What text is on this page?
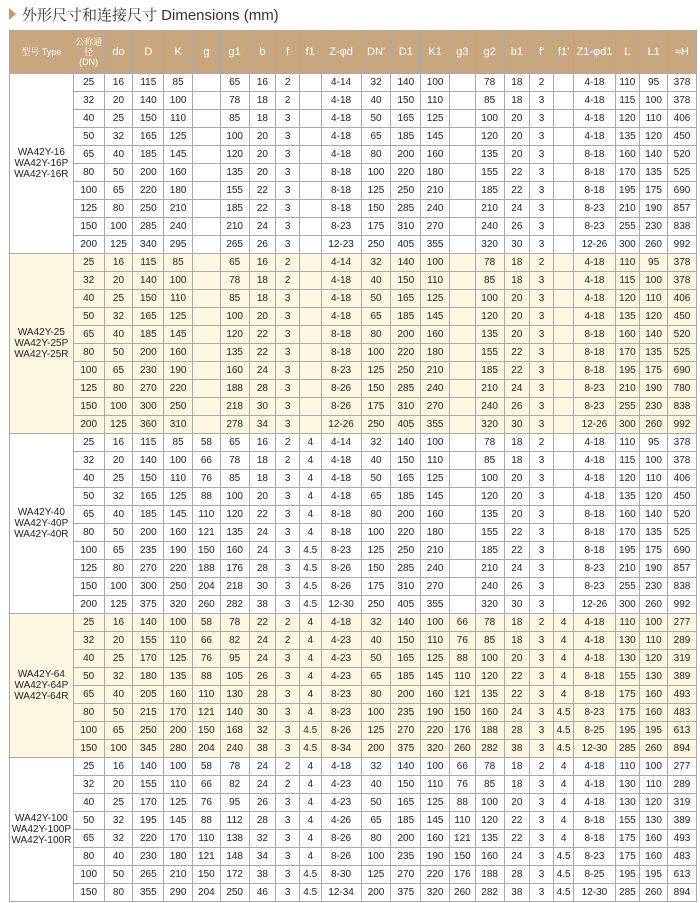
外形尺寸和连接尺寸 Dimensions (mm)
型号 Type	公称通径 (DN)	do	D	K	g	g1	b	f	f1	Z-φd	DN'	D1	K1	g3	g2	b1	f'	f1'	Z1-φd1	L	L1	≈H

WA42Y-16
WA42Y-16P
WA42Y-16R	25	16	115	85		65	16	2		4-14	32	140	100		78	18	2		4-18	110	95	378
	32	20	140	100		78	18	2		4-18	40	150	110		85	18	3		4-18	115	100	378
	40	25	150	110		85	18	3		4-18	50	165	125		100	20	3		4-18	120	110	406
	50	32	165	125		100	20	3		4-18	65	185	145		120	20	3		4-18	135	120	450
	65	40	185	145		120	20	3		4-18	80	200	160		135	20	3		8-18	160	140	520
	80	50	200	160		135	20	3		8-18	100	220	180		155	22	3		8-18	170	135	525
	100	65	220	180		155	22	3		8-18	125	250	210		185	22	3		8-18	195	175	690
	125	80	250	210		185	22	3		8-18	150	285	240		210	24	3		8-23	210	190	857
	150	100	285	240		210	24	3		8-23	175	310	270		240	26	3		8-23	255	230	838
	200	125	340	295		265	26	3		12-23	250	405	355		320	30	3		12-26	300	260	992

WA42Y-25
WA42Y-25P
WA42Y-25R	25	16	115	85		65	16	2		4-14	32	140	100		78	18	2		4-18	110	95	378
	32	20	140	100		78	18	2		4-18	40	150	110		85	18	3		4-18	115	100	378
	40	25	150	110		85	18	3		4-18	50	165	125		100	20	3		4-18	120	110	406
	50	32	165	125		100	20	3		4-18	65	185	145		120	20	3		4-18	135	120	450
	65	40	185	145		120	22	3		8-18	80	200	160		135	20	3		8-18	160	140	520
	80	50	200	160		135	22	3		8-18	100	220	180		155	22	3		8-18	170	135	525
	100	65	230	190		160	24	3		8-23	125	250	210		185	22	3		8-18	195	175	690
	125	80	270	220		188	28	3		8-26	150	285	240		210	24	3		8-23	210	190	780
	150	100	300	250		218	30	3		8-26	175	310	270		240	26	3		8-23	255	230	838
	200	125	360	310		278	34	3		12-26	250	405	355		320	30	3		12-26	300	260	992

WA42Y-40
WA42Y-40P
WA42Y-40R	25	16	115	85	58	65	16	2	4	4-14	32	140	100		78	18	2		4-18	110	95	378
	32	20	140	100	66	78	18	2	4	4-18	40	150	110		85	18	3		4-18	115	100	378
	40	25	150	110	76	85	18	3	4	4-18	50	165	125		100	20	3		4-18	120	110	406
	50	32	165	125	88	100	20	3	4	4-18	65	185	145		120	20	3		4-18	135	120	450
	65	40	185	145	110	120	22	3	4	8-18	80	200	160		135	20	3		8-18	160	140	520
	80	50	200	160	121	135	24	3	4	8-18	100	220	180		155	22	3		8-18	170	135	525
	100	65	235	190	150	160	24	3	4.5	8-23	125	250	210		185	22	3		8-18	195	175	690
	125	80	270	220	188	176	28	3	4.5	8-26	150	285	240		210	24	3		8-23	210	190	857
	150	100	300	250	204	218	30	3	4.5	8-26	175	310	270		240	26	3		8-23	255	230	838
	200	125	375	320	260	282	38	3	4.5	12-30	250	405	355		320	30	3		12-26	300	260	992

WA42Y-64
WA42Y-64P
WA42Y-64R	25	16	140	100	58	78	22	2	4	4-18	32	140	100	66	78	18	2	4	4-18	110	100	277
	32	20	155	110	66	82	24	2	4	4-23	40	150	110	76	85	18	3	4	4-18	130	110	289
	40	25	170	125	76	95	24	3	4	4-23	50	165	125	88	100	20	3	4	4-18	130	120	319
	50	32	180	135	88	105	26	3	4	4-23	65	185	145	110	120	22	3	4	8-18	155	130	389
	65	40	205	160	110	130	28	3	4	8-23	80	200	160	121	135	22	3	4	8-18	175	160	493
	80	50	215	170	121	140	30	3	4	8-23	100	235	190	150	160	24	3	4.5	8-23	175	160	483
	100	65	250	200	150	168	32	3	4.5	8-26	125	270	220	176	188	28	3	4.5	8-25	195	195	613
	150	100	345	280	204	240	38	3	4.5	8-34	200	375	320	260	282	38	3	4.5	12-30	285	260	894

WA42Y-100
WA42Y-100P
WA42Y-100R	25	16	140	100	58	78	24	2	4	4-18	32	140	100	66	78	18	2	4	4-18	110	100	277
	32	20	155	110	66	82	24	2	4	4-23	40	150	110	76	85	18	3	4	4-18	130	110	289
	40	25	170	125	76	95	26	3	4	4-23	50	165	125	88	100	20	3	4	4-18	130	120	319
	50	32	195	145	88	112	28	3	4	4-26	65	185	145	110	120	22	3	4	8-18	155	130	389
	65	32	220	170	110	138	32	3	4	8-26	80	200	160	121	135	22	3	4	8-18	175	160	493
	80	40	230	180	121	148	34	3	4	8-26	100	235	190	150	160	24	3	4.5	8-23	175	160	483
	100	50	265	210	150	172	38	3	4.5	8-30	125	270	220	176	188	28	3	4.5	8-25	195	195	613
	150	80	355	290	204	250	46	3	4.5	12-34	200	375	320	260	282	38	3	4.5	12-30	285	260	894
